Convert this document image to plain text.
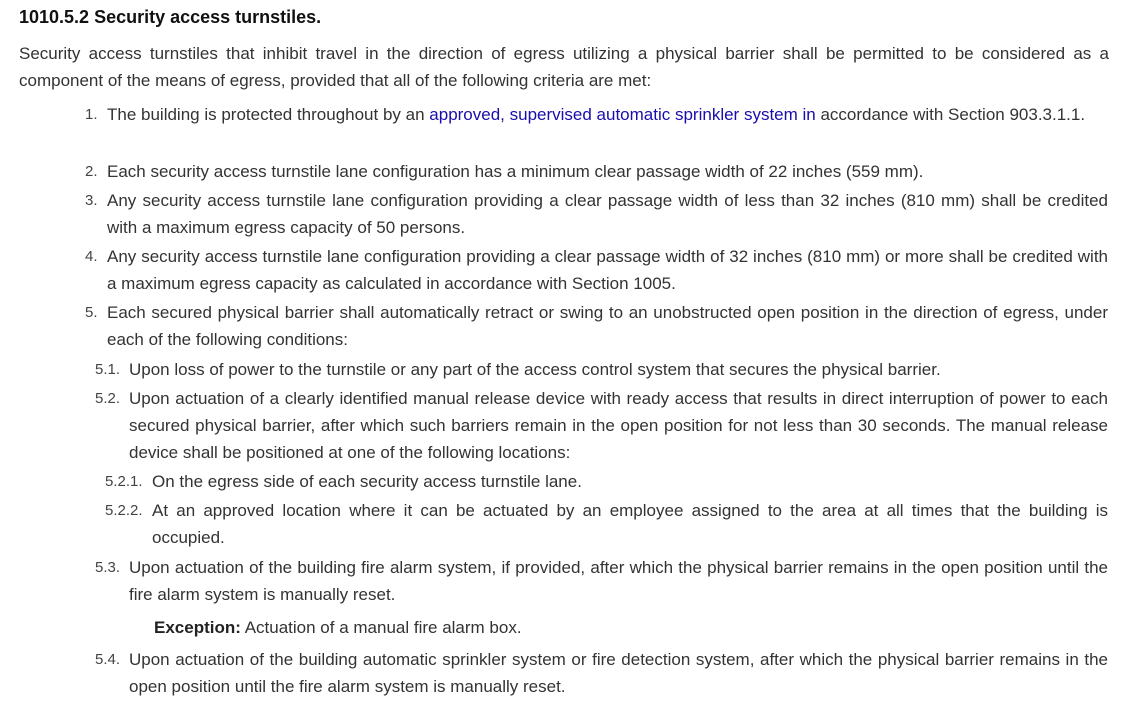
1010.5.2 Security access turnstiles.

Security access turnstiles that inhibit travel in the direction of egress utilizing a physical barrier shall be permitted to be considered as a component of the means of egress, provided that all of the following criteria are met:

1. The building is protected throughout by an approved, supervised automatic sprinkler system in accordance with Section 903.3.1.1.
2. Each security access turnstile lane configuration has a minimum clear passage width of 22 inches (559 mm).
3. Any security access turnstile lane configuration providing a clear passage width of less than 32 inches (810 mm) shall be credited with a maximum egress capacity of 50 persons.
4. Any security access turnstile lane configuration providing a clear passage width of 32 inches (810 mm) or more shall be credited with a maximum egress capacity as calculated in accordance with Section 1005.
5. Each secured physical barrier shall automatically retract or swing to an unobstructed open position in the direction of egress, under each of the following conditions:
5.1. Upon loss of power to the turnstile or any part of the access control system that secures the physical barrier.
5.2. Upon actuation of a clearly identified manual release device with ready access that results in direct interruption of power to each secured physical barrier, after which such barriers remain in the open position for not less than 30 seconds. The manual release device shall be positioned at one of the following locations:
5.2.1. On the egress side of each security access turnstile lane.
5.2.2. At an approved location where it can be actuated by an employee assigned to the area at all times that the building is occupied.
5.3. Upon actuation of the building fire alarm system, if provided, after which the physical barrier remains in the open position until the fire alarm system is manually reset.
Exception: Actuation of a manual fire alarm box.
5.4. Upon actuation of the building automatic sprinkler system or fire detection system, after which the physical barrier remains in the open position until the fire alarm system is manually reset.
